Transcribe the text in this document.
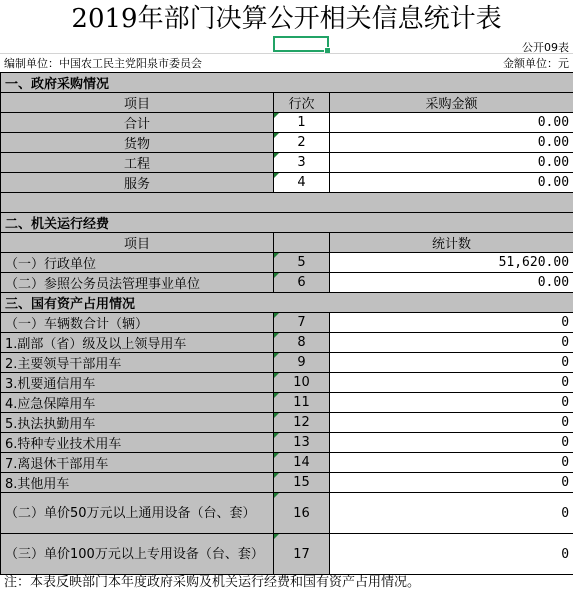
2019年部门决算公开相关信息统计表
公开09表
编制单位：中国农工民主党阳泉市委员会	金额单位：元
一、政府采购情况		
项目	行次	采购金额
合计	1	0.00
货物	2	0.00
工程	3	0.00
服务	4	0.00

二、机关运行经费		
项目		统计数
（一）行政单位	5	51,620.00
（二）参照公务员法管理事业单位	6	0.00
三、国有资产占用情况		
（一）车辆数合计（辆）	7	0
1.副部（省）级及以上领导用车	8	0
2.主要领导干部用车	9	0
3.机要通信用车	10	0
4.应急保障用车	11	0
5.执法执勤用车	12	0
6.特种专业技术用车	13	0
7.离退休干部用车	14	0
8.其他用车	15	0
（二）单价50万元以上通用设备（台、套）	16	0
（三）单价100万元以上专用设备（台、套）	17	0
注：本表反映部门本年度政府采购及机关运行经费和国有资产占用情况。
